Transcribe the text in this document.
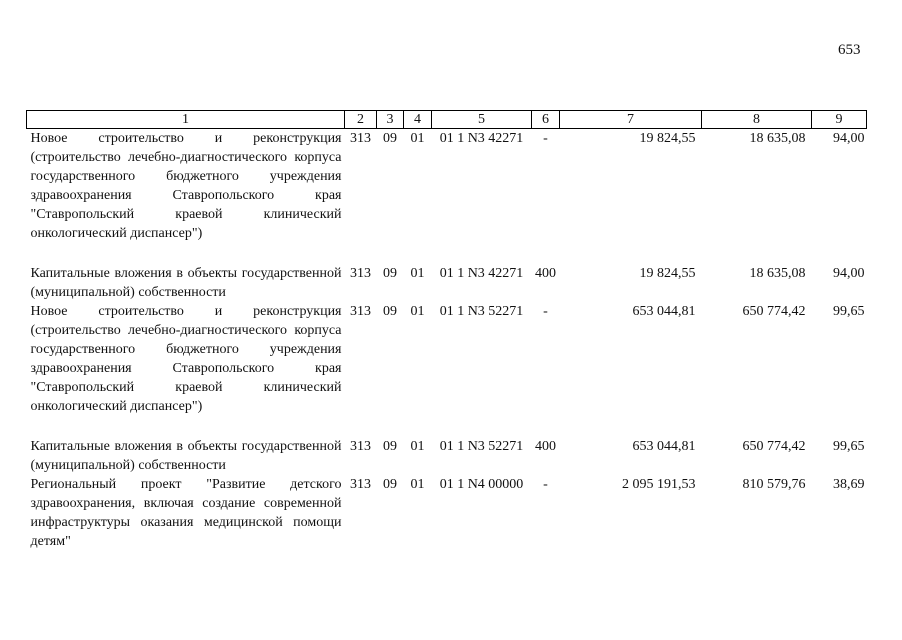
653
1	2	3	4	5	6	7	8	9
Новое строительство и реконструкция (строительство лечебно-диагностического корпуса государственного бюджетного учреждения здравоохранения Ставропольского края "Ставропольский краевой клинический онкологический диспансер")	313	09	01	01 1 N3 42271	-	19 824,55	18 635,08	94,00
Капитальные вложения в объекты государственной (муниципальной) собственности	313	09	01	01 1 N3 42271	400	19 824,55	18 635,08	94,00
Новое строительство и реконструкция (строительство лечебно-диагностического корпуса государственного бюджетного учреждения здравоохранения Ставропольского края "Ставропольский краевой клинический онкологический диспансер")	313	09	01	01 1 N3 52271	-	653 044,81	650 774,42	99,65
Капитальные вложения в объекты государственной (муниципальной) собственности	313	09	01	01 1 N3 52271	400	653 044,81	650 774,42	99,65
Региональный проект "Развитие детского здравоохранения, включая создание современной инфраструктуры оказания медицинской помощи детям"	313	09	01	01 1 N4 00000	-	2 095 191,53	810 579,76	38,69
